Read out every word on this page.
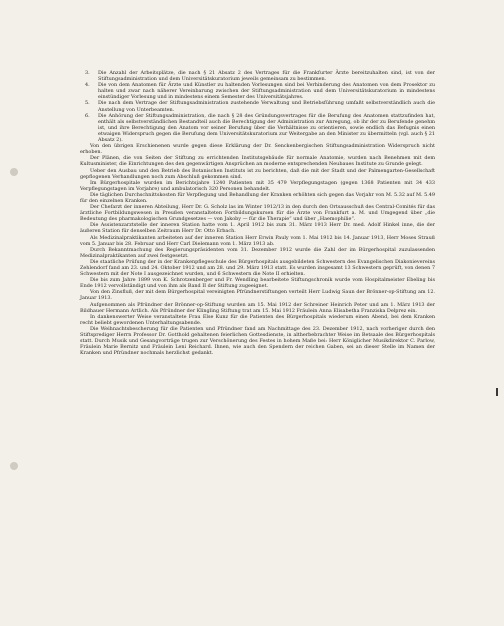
3. Die Anzahl der Arbeitsplätze, die nach § 21 Absatz 2 des Vertrages für die Frankfurter Ärzte bereitzuhalten sind, ist von der Stiftungsadministration und dem Universitätskuratorium jeweils gemeinsam zu bestimmen.

4. Die von dem Anatomen für Ärzte und Künstler zu haltenden Vorlesungen sind bei Verhinderung des Anatomen von dem Prosektor zu halten und zwar nach näherer Vereinbarung zwischen der Stiftungsadministration und dem Universitätskuratorium in mindestens einstündiger Vorlesung und in mindestens einem Semester des Universitätsjahres.

5. Die nach dem Vertrage der Stiftungsadministration zustehende Verwaltung und Betriebsführung umfaßt selbstverständlich auch die Anstellung von Unterbeamten.

6. Die Anhörung der Stiftungsadministration, die nach § 28 des Gründungsvertrages für die Berufung des Anatomen stattzufinden hat, enthält als selbstverständlichen Bestandteil auch die Berechtigung der Administration zur Anregung, ob ihr der zu Berufende genehm ist, und ihre Berechtigung den Anatom vor seiner Berufung über die Verhältnisse zu orientieren, sowie endlich das Befugnis einen etwaigen Widerspruch gegen die Berufung dem Universitätskuratorium zur Weitergabe an den Minister zu übermitteln (vgl. auch § 21 Absatz 2).

Von den übrigen Erschienenen wurde gegen diese Erklärung der Dr. Senckenbergischen Stiftungsadministration Widerspruch nicht erhoben.

Der Plänen, die von Seiten der Stiftung zu errichtenden Institutsgebäude für normale Anatomie, wurden nach Benehmen mit dem Kultusminister, die Einrichtungen des den gegenwärtigen Ansprüchen an moderne entsprechenden Neubaues Institute zu Grunde gelegt.

Ueber den Ausbau und den Betrieb des Botanischen Instituts ist zu berichten, daß die mit der Stadt und der Palmengarten-Gesellschaft gepflogenen Verhandlungen noch zum Abschluß gekommen sind.

Im Bürgerhospitale wurden im Berichtsjahre 1240 Patienten mit 35 479 Verpflegungstagen (gegen 1368 Patienten mit 34 433 Verpflegungstagen im Vorjahre) und ambulatorisch 320 Personen behandelt.

Die täglichen Durchschnittskosten für Verpflegung und Behandlung der Kranken erhöhten sich gegen das Vorjahr von M. 5.32 auf M. 5.49 für den einzelnen Kranken.

Der Chefarzt der inneren Abteilung, Herr Dr. G. Scholz las im Winter 1912/13 in den durch den Ortsausschuß des Central-Comités für das ärztliche Fortbildungswesen in Preußen veranstalteten Fortbildungskursen für die Ärzte von Frankfurt a. M. und Umgegend über „die Bedeutung des pharmakologischen Grundgesetzes — von Jakoby — für die Therapie“ und über „Haemophilie“.

Die Assistenzarztstelle der inneren Station hatte vom 1. April 1912 bis zum 31. März 1913 Herr Dr. med. Adolf Hinkel inne, die der äußeren Station für denselben Zeitraum Herr Dr. Otto Erbach.

Als Medizinalpraktikanten arbeiteten auf der inneren Station Herr Erwin Pauly vom 1. Mai 1912 bis 14. Januar 1913, Herr Moses Strauß vom 5. Januar bis 28. Februar und Herr Carl Dielemann vom 1. März 1913 ab.

Durch Bekanntmachung des Regierungspräsidenten vom 31. Dezember 1912 wurde die Zahl der im Bürgerhospital zuzulassenden Medizinalpraktikanten auf zwei festgesetzt.

Die staatliche Prüfung der in der Krankenpflegeschule des Bürgerhospitals ausgebildeten Schwestern des Evangelischen Diakonievereins Zehlendorf fand am 23. und 24. Oktober 1912 und am 28. und 29. März 1913 statt. Es wurden insgesamt 13 Schwestern geprüft, von denen 7 Schwestern mit der Note I ausgezeichnet wurden, und 6 Schwestern die Note II erhielten.

Die bis zum Jahre 1899 von K. Schrotzenberger und Fr. Wendling bearbeitete Stiftungschronik wurde vom Hospitalmeister Ebeling bis Ende 1912 vervollständigt und von ihm als Band II der Stiftung zugeeignet.

Von den Zinsfluß, der mit dem Bürgerhospital vereinigten Pfründnerstiftungen verteilt Herr Ludwig Saun der Brönner-op-Stiftung am 12. Januar 1913.

Aufgenommen als Pfründner der Brönner-op-Stiftung wurden am 15. Mai 1912 der Schreiner Heinrich Peter und am 1. März 1913 der Bildhauer Hermann Artlich. Als Pfründner der Klingling Stiftung trat am 15. Mai 1912 Fräulein Anna Elisabetha Franziska Delprez ein.

In dankenswerter Weise veranstaltete Frau Else Kunz für die Patienten des Bürgerhospitals wiederum einen Abend, bei dem Kranken recht beliebt gewordenen Unterhaltungsabende.

Die Weihnachtsbescherung für die Patienten und Pfründner fand am Nachmittage des 23. Dezember 1912, nach vorheriger durch den Stiftsprediger Herrn Professor Dr. Gotthold gehaltenen feierlichen Gottesdienste, in altherbebrachter Weise im Betsaale des Bürgerhospitals statt. Durch Musik und Gesangvorträge trugen zur Verschönerung des Festes in hohem Maße bei: Herr Königlicher Musikdirektor C. Parlow, Fräulein Marie Bernitz und Fräulein Leni Reichard. Ihnen, wie auch den Spendern der reichen Gaben, sei an dieser Stelle im Namen der Kranken und Pfründner nochmals herzlichst gedankt.
